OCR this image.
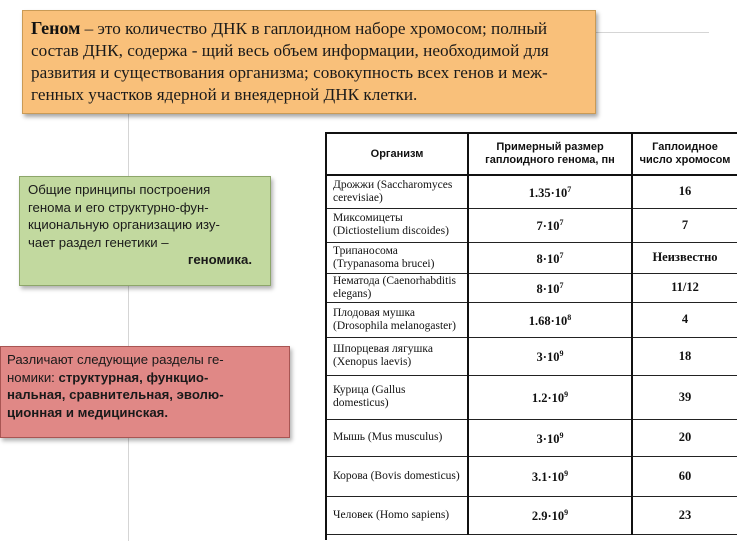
Геном – это количество ДНК в гаплоидном наборе хромосом; полный
состав ДНК, содержа - щий весь объем информации, необходимой для
развития и существования организма; совокупность всех генов и меж-
генных участков ядерной и внеядерной ДНК клетки.
Общие принципы построения
генома и его структурно-фун-
кциональную организацию изу-
чает раздел генетики –
геномика.
Различают следующие разделы ге-
номики: структурная, функцио-
нальная, сравнительная, эволю-
ционная и медицинская.
Организм	Примерный размер гаплоидного генома, пн	Гаплоидное число хромосом
Дрожжи (Saccharomyces cerevisiae)	$1.35\cdot 10^7$	16
Миксомицеты (Dictiostelium discoides)	$7\cdot 10^7$	7
Трипаносома (Trypanasoma brucei)	$8\cdot 10^7$	Неизвестно
Нематода (Caenorhabditis elegans)	$8\cdot 10^7$	11/12
Плодовая мушка (Drosophila melanogaster)	$1.68\cdot 10^8$	4
Шпорцевая лягушка (Xenopus laevis)	$3\cdot 10^9$	18
Курица (Gallus domesticus)	$1.2\cdot 10^9$	39
Мышь (Mus musculus)	$3\cdot 10^9$	20
Корова (Bovis domesticus)	$3.1\cdot 10^9$	60
Человек (Homo sapiens)	$2.9\cdot 10^9$	23
